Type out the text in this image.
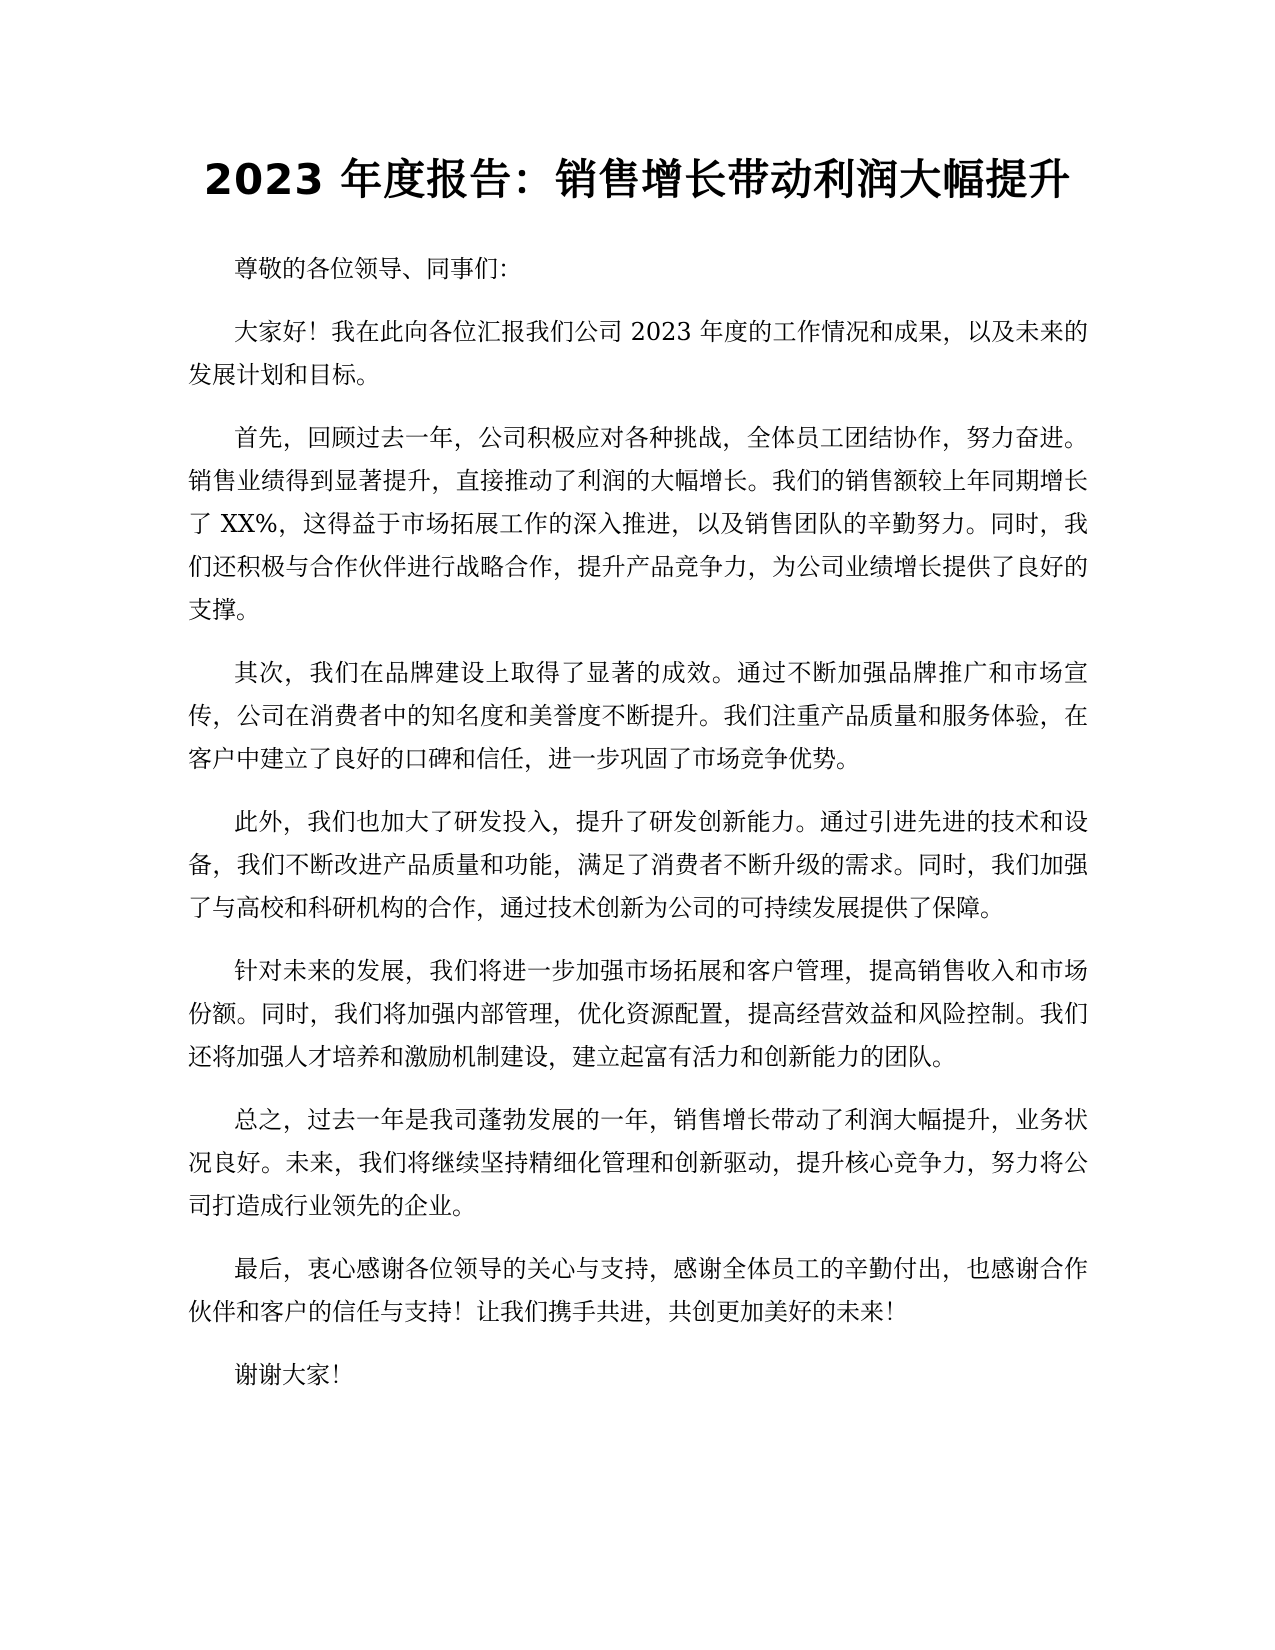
2023 年度报告：销售增长带动利润大幅提升

尊敬的各位领导、同事们：

大家好！我在此向各位汇报我们公司 2023 年度的工作情况和成果，以及未来的发展计划和目标。

首先，回顾过去一年，公司积极应对各种挑战，全体员工团结协作，努力奋进。销售业绩得到显著提升，直接推动了利润的大幅增长。我们的销售额较上年同期增长了 XX%，这得益于市场拓展工作的深入推进，以及销售团队的辛勤努力。同时，我们还积极与合作伙伴进行战略合作，提升产品竞争力，为公司业绩增长提供了良好的支撑。

其次，我们在品牌建设上取得了显著的成效。通过不断加强品牌推广和市场宣传，公司在消费者中的知名度和美誉度不断提升。我们注重产品质量和服务体验，在客户中建立了良好的口碑和信任，进一步巩固了市场竞争优势。

此外，我们也加大了研发投入，提升了研发创新能力。通过引进先进的技术和设备，我们不断改进产品质量和功能，满足了消费者不断升级的需求。同时，我们加强了与高校和科研机构的合作，通过技术创新为公司的可持续发展提供了保障。

针对未来的发展，我们将进一步加强市场拓展和客户管理，提高销售收入和市场份额。同时，我们将加强内部管理，优化资源配置，提高经营效益和风险控制。我们还将加强人才培养和激励机制建设，建立起富有活力和创新能力的团队。

总之，过去一年是我司蓬勃发展的一年，销售增长带动了利润大幅提升，业务状况良好。未来，我们将继续坚持精细化管理和创新驱动，提升核心竞争力，努力将公司打造成行业领先的企业。

最后，衷心感谢各位领导的关心与支持，感谢全体员工的辛勤付出，也感谢合作伙伴和客户的信任与支持！让我们携手共进，共创更加美好的未来！

谢谢大家！
